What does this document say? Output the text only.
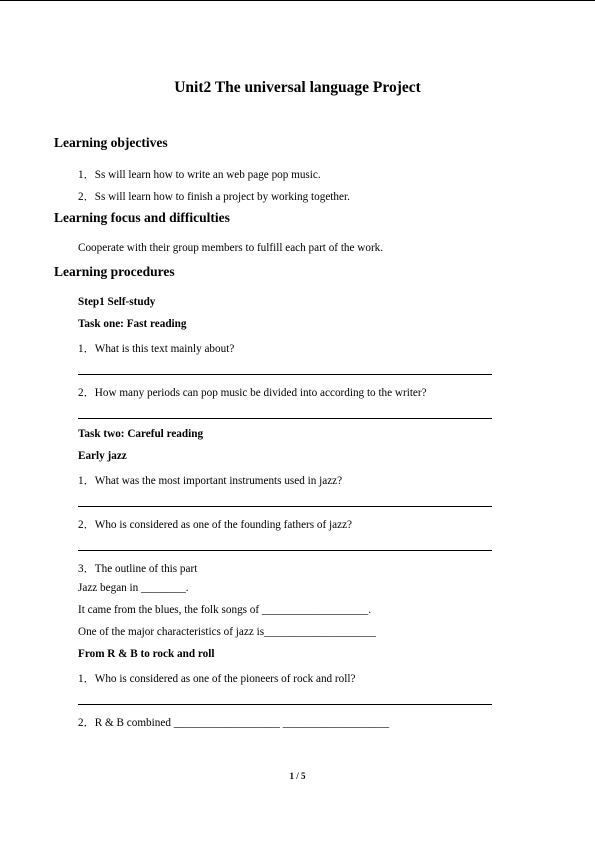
Unit2 The universal language Project
Learning objectives
1．Ss will learn how to write an web page pop music.
2．Ss will learn how to finish a project by working together.
Learning focus and difficulties
Cooperate with their group members to fulfill each part of the work.
Learning procedures
Step1 Self-study
Task one: Fast reading
1．What is this text mainly about?
2．How many periods can pop music be divided into according to the writer?
Task two: Careful reading
Early jazz
1．What was the most important instruments used in jazz?
2．Who is considered as one of the founding fathers of jazz?
3．The outline of this part
Jazz began in ________.
It came from the blues, the folk songs of ___________________.
One of the major characteristics of jazz is____________________
From R & B to rock and roll
1．Who is considered as one of the pioneers of rock and roll?
2．R & B combined ___________________ ___________________
1 / 5
